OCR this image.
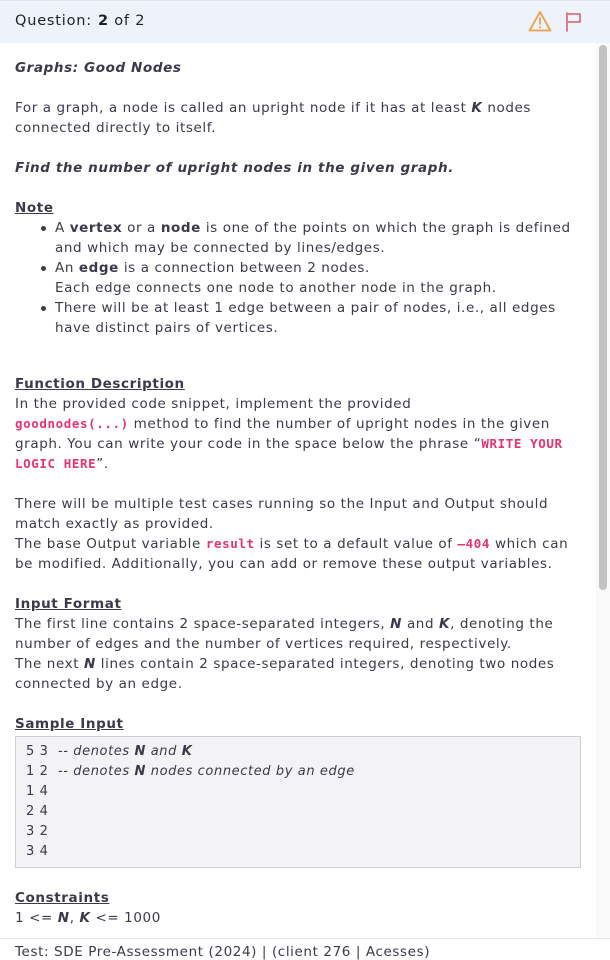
Question: 2 of 2
Graphs: Good Nodes
For a graph, a node is called an upright node if it has at least K nodes
connected directly to itself.
Find the number of upright nodes in the given graph.
Note
A vertex or a node is one of the points on which the graph is defined
and which may be connected by lines/edges.
An edge is a connection between 2 nodes.
Each edge connects one node to another node in the graph.
There will be at least 1 edge between a pair of nodes, i.e., all edges
have distinct pairs of vertices.
Function Description
In the provided code snippet, implement the provided
goodnodes(...) method to find the number of upright nodes in the given
graph. You can write your code in the space below the phrase “WRITE YOUR
LOGIC HERE”.
There will be multiple test cases running so the Input and Output should
match exactly as provided.
The base Output variable result is set to a default value of –404 which can
be modified. Additionally, you can add or remove these output variables.
Input Format
The first line contains 2 space-separated integers, N and K, denoting the
number of edges and the number of vertices required, respectively.
The next N lines contain 2 space-separated integers, denoting two nodes
connected by an edge.
Sample Input
5 3  -- denotes N and K
1 2  -- denotes N nodes connected by an edge
1 4
2 4
3 2
3 4
Constraints
1 <= N, K <= 1000
Test: SDE Pre-Assessment (2024) | (client 276 | Acesses)
